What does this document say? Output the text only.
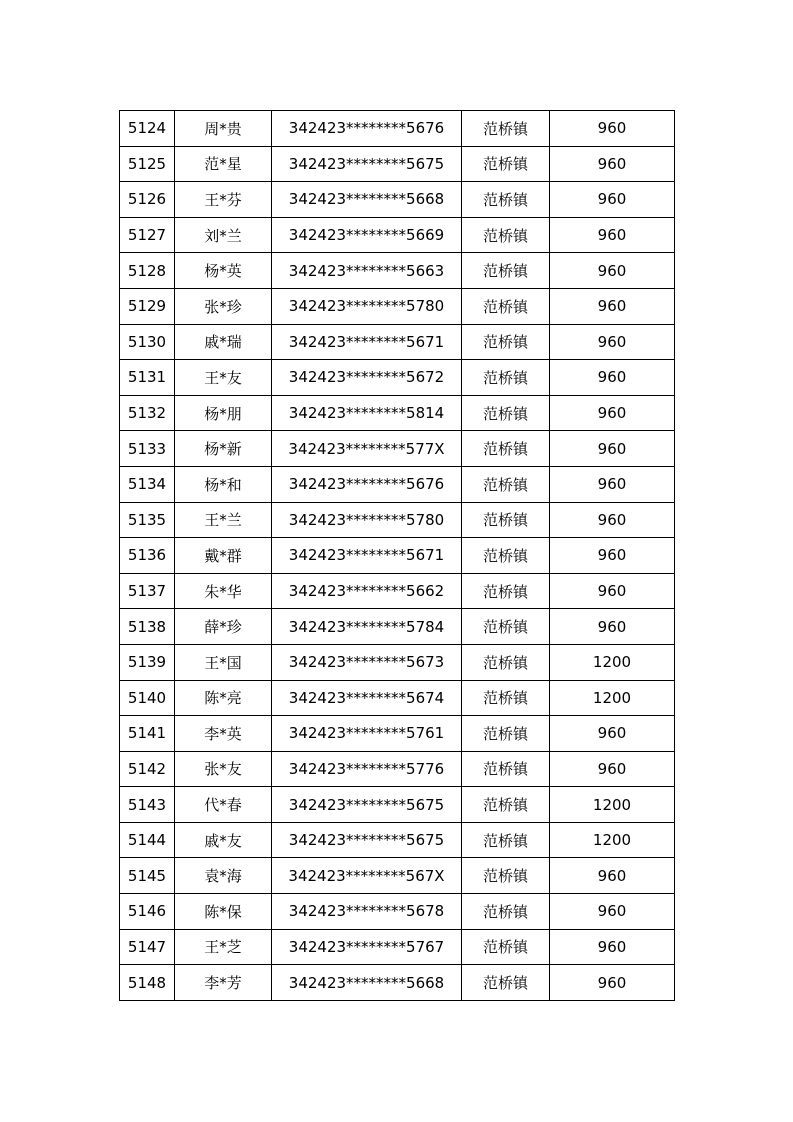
5124	周*贵	342423********5676	范桥镇	960
5125	范*星	342423********5675	范桥镇	960
5126	王*芬	342423********5668	范桥镇	960
5127	刘*兰	342423********5669	范桥镇	960
5128	杨*英	342423********5663	范桥镇	960
5129	张*珍	342423********5780	范桥镇	960
5130	戚*瑞	342423********5671	范桥镇	960
5131	王*友	342423********5672	范桥镇	960
5132	杨*朋	342423********5814	范桥镇	960
5133	杨*新	342423********577X	范桥镇	960
5134	杨*和	342423********5676	范桥镇	960
5135	王*兰	342423********5780	范桥镇	960
5136	戴*群	342423********5671	范桥镇	960
5137	朱*华	342423********5662	范桥镇	960
5138	薛*珍	342423********5784	范桥镇	960
5139	王*国	342423********5673	范桥镇	1200
5140	陈*亮	342423********5674	范桥镇	1200
5141	李*英	342423********5761	范桥镇	960
5142	张*友	342423********5776	范桥镇	960
5143	代*春	342423********5675	范桥镇	1200
5144	戚*友	342423********5675	范桥镇	1200
5145	袁*海	342423********567X	范桥镇	960
5146	陈*保	342423********5678	范桥镇	960
5147	王*芝	342423********5767	范桥镇	960
5148	李*芳	342423********5668	范桥镇	960
